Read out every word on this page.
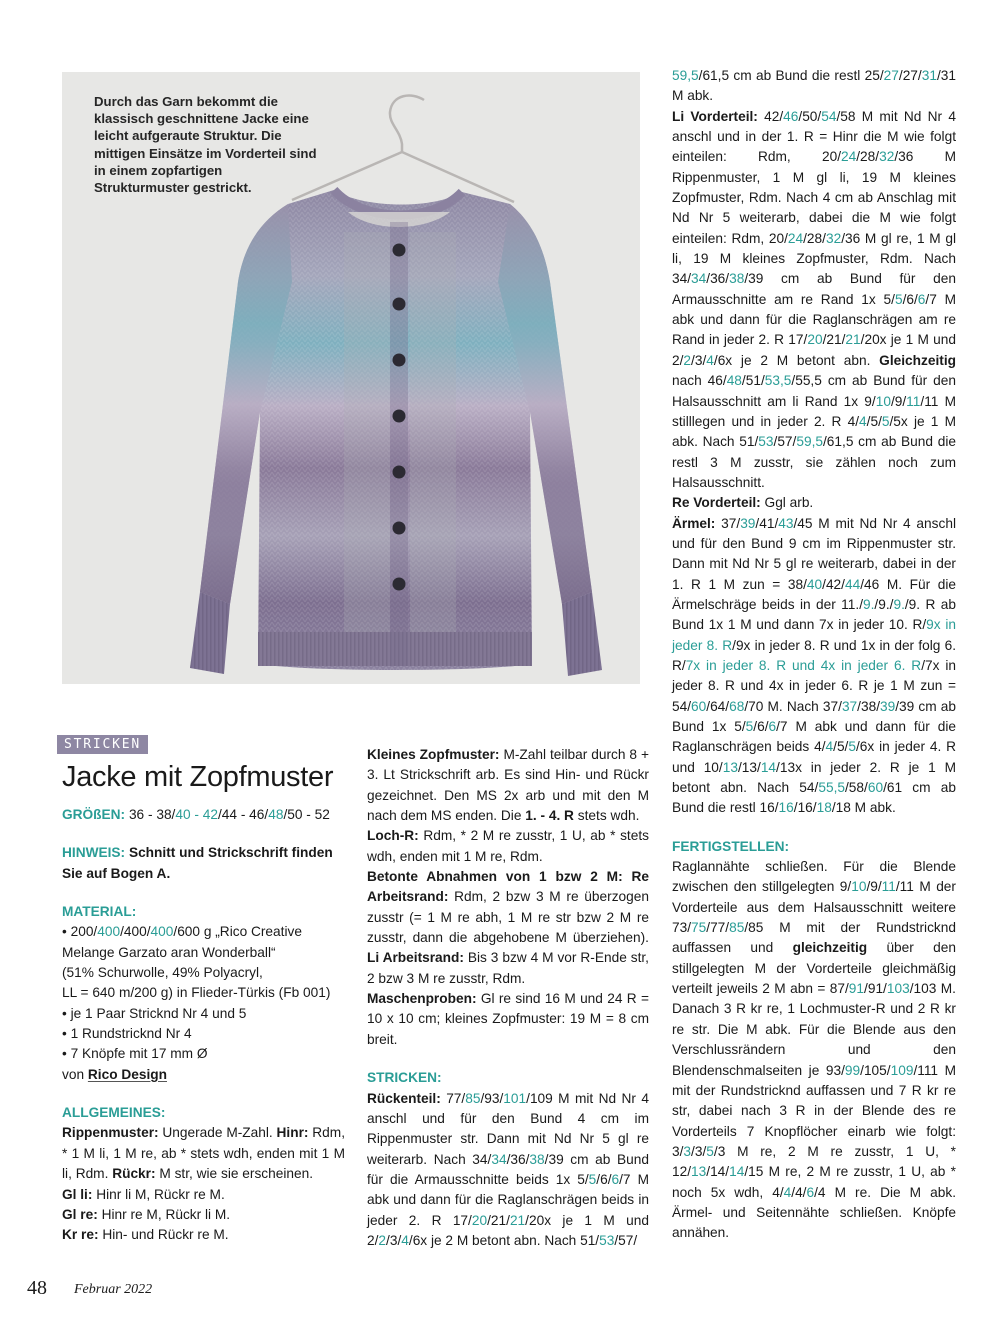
Durch das Garn bekommt die klassisch geschnittene Jacke eine leicht aufgeraute Struktur. Die mittigen Einsätze im Vorderteil sind in einem zopfartigen Strukturmuster gestrickt.
STRICKEN
Jacke mit Zopfmuster

GRÖßEN: 36 - 38/40 - 42/44 - 46/48/50 - 52

HINWEIS: Schnitt und Strickschrift finden Sie auf Bogen A.

MATERIAL:

• 200/400/400/400/600 g „Rico Creative Melange Garzato aran Wonderball“

(51% Schurwolle, 49% Polyacryl,

LL = 640 m/200 g) in Flieder-Türkis (Fb 001)

• je 1 Paar Stricknd Nr 4 und 5

• 1 Rundstricknd Nr 4

• 7 Knöpfe mit 17 mm Ø

von Rico Design

ALLGEMEINES:

Rippenmuster: Ungerade M-Zahl. Hinr: Rdm, * 1 M li, 1 M re, ab * stets wdh, enden mit 1 M li, Rdm. Rückr: M str, wie sie erscheinen.

Gl li: Hinr li M, Rückr re M.

Gl re: Hinr re M, Rückr li M.

Kr re: Hin- und Rückr re M.

Kleines Zopfmuster: M-Zahl teilbar durch 8 + 3. Lt Strickschrift arb. Es sind Hin- und Rückr gezeichnet. Den MS 2x arb und mit den M nach dem MS enden. Die 1. - 4. R stets wdh.

Loch-R: Rdm, * 2 M re zusstr, 1 U, ab * stets wdh, enden mit 1 M re, Rdm.

Betonte Abnahmen von 1 bzw 2 M: Re Arbeitsrand: Rdm, 2 bzw 3 M re überzogen zusstr (= 1 M re abh, 1 M re str bzw 2 M re zusstr, dann die abgehobene M überziehen). Li Arbeitsrand: Bis 3 bzw 4 M vor R-Ende str, 2 bzw 3 M re zusstr, Rdm.

Maschenproben: Gl re sind 16 M und 24 R = 10 x 10 cm; kleines Zopfmuster: 19 M = 8 cm breit.

STRICKEN:

Rückenteil: 77/85/93/101/109 M mit Nd Nr 4 anschl und für den Bund 4 cm im Rippenmuster str. Dann mit Nd Nr 5 gl re weiterarb. Nach 34/34/36/38/39 cm ab Bund für die Armausschnitte beids 1x 5/5/6/6/7 M abk und dann für die Raglanschrägen beids in jeder 2. R 17/20/21/21/20x je 1 M und 2/2/3/4/6x je 2 M betont abn. Nach 51/53/57/

59,5/61,5 cm ab Bund die restl 25/27/27/31/31 M abk.

Li Vorderteil: 42/46/50/54/58 M mit Nd Nr 4 anschl und in der 1. R = Hinr die M wie folgt einteilen: Rdm, 20/24/28/32/36 M Rippenmuster, 1 M gl li, 19 M kleines Zopfmuster, Rdm. Nach 4 cm ab Anschlag mit Nd Nr 5 weiterarb, dabei die M wie folgt einteilen: Rdm, 20/24/28/32/36 M gl re, 1 M gl li, 19 M kleines Zopfmuster, Rdm. Nach 34/34/36/38/39 cm ab Bund für den Armausschnitte am re Rand 1x 5/5/6/6/7 M abk und dann für die Raglanschrägen am re Rand in jeder 2. R 17/20/21/21/20x je 1 M und 2/2/3/4/6x je 2 M betont abn. Gleichzeitig nach 46/48/51/53,5/55,5 cm ab Bund für den Halsausschnitt am li Rand 1x 9/10/9/11/11 M stilllegen und in jeder 2. R 4/4/5/5/5x je 1 M abk. Nach 51/53/57/59,5/61,5 cm ab Bund die restl 3 M zusstr, sie zählen noch zum Halsausschnitt.

Re Vorderteil: Ggl arb.

Ärmel: 37/39/41/43/45 M mit Nd Nr 4 anschl und für den Bund 9 cm im Rippenmuster str. Dann mit Nd Nr 5 gl re weiterarb, dabei in der 1. R 1 M zun = 38/40/42/44/46 M. Für die Ärmelschräge beids in der 11./9./9./9./9. R ab Bund 1x 1 M und dann 7x in jeder 10. R/9x in jeder 8. R/9x in jeder 8. R und 1x in der folg 6. R/7x in jeder 8. R und 4x in jeder 6. R/7x in jeder 8. R und 4x in jeder 6. R je 1 M zun = 54/60/64/68/70 M. Nach 37/37/38/39/39 cm ab Bund 1x 5/5/6/6/7 M abk und dann für die Raglanschrägen beids 4/4/5/5/6x in jeder 4. R und 10/13/13/14/13x in jeder 2. R je 1 M betont abn. Nach 54/55,5/58/60/61 cm ab Bund die restl 16/16/16/18/18 M abk.

FERTIGSTELLEN:

Raglannähte schließen. Für die Blende zwischen den stillgelegten 9/10/9/11/11 M der Vorderteile aus dem Halsausschnitt weitere 73/75/77/85/85 M mit der Rundstricknd auffassen und gleichzeitig über den stillgelegten M der Vorderteile gleichmäßig verteilt jeweils 2 M abn = 87/91/91/103/103 M. Danach 3 R kr re, 1 Lochmuster-R und 2 R kr re str. Die M abk. Für die Blende aus den Verschlussrändern und den Blendenschmalseiten je 93/99/105/109/111 M mit der Rundstricknd auffassen und 7 R kr re str, dabei nach 3 R in der Blende des re Vorderteils 7 Knopflöcher einarb wie folgt: 3/3/3/5/3 M re, 2 M re zusstr, 1 U, * 12/13/14/14/15 M re, 2 M re zusstr, 1 U, ab * noch 5x wdh, 4/4/4/6/4 M re. Die M abk. Ärmel- und Seitennähte schließen. Knöpfe annähen.

48 Februar 2022
